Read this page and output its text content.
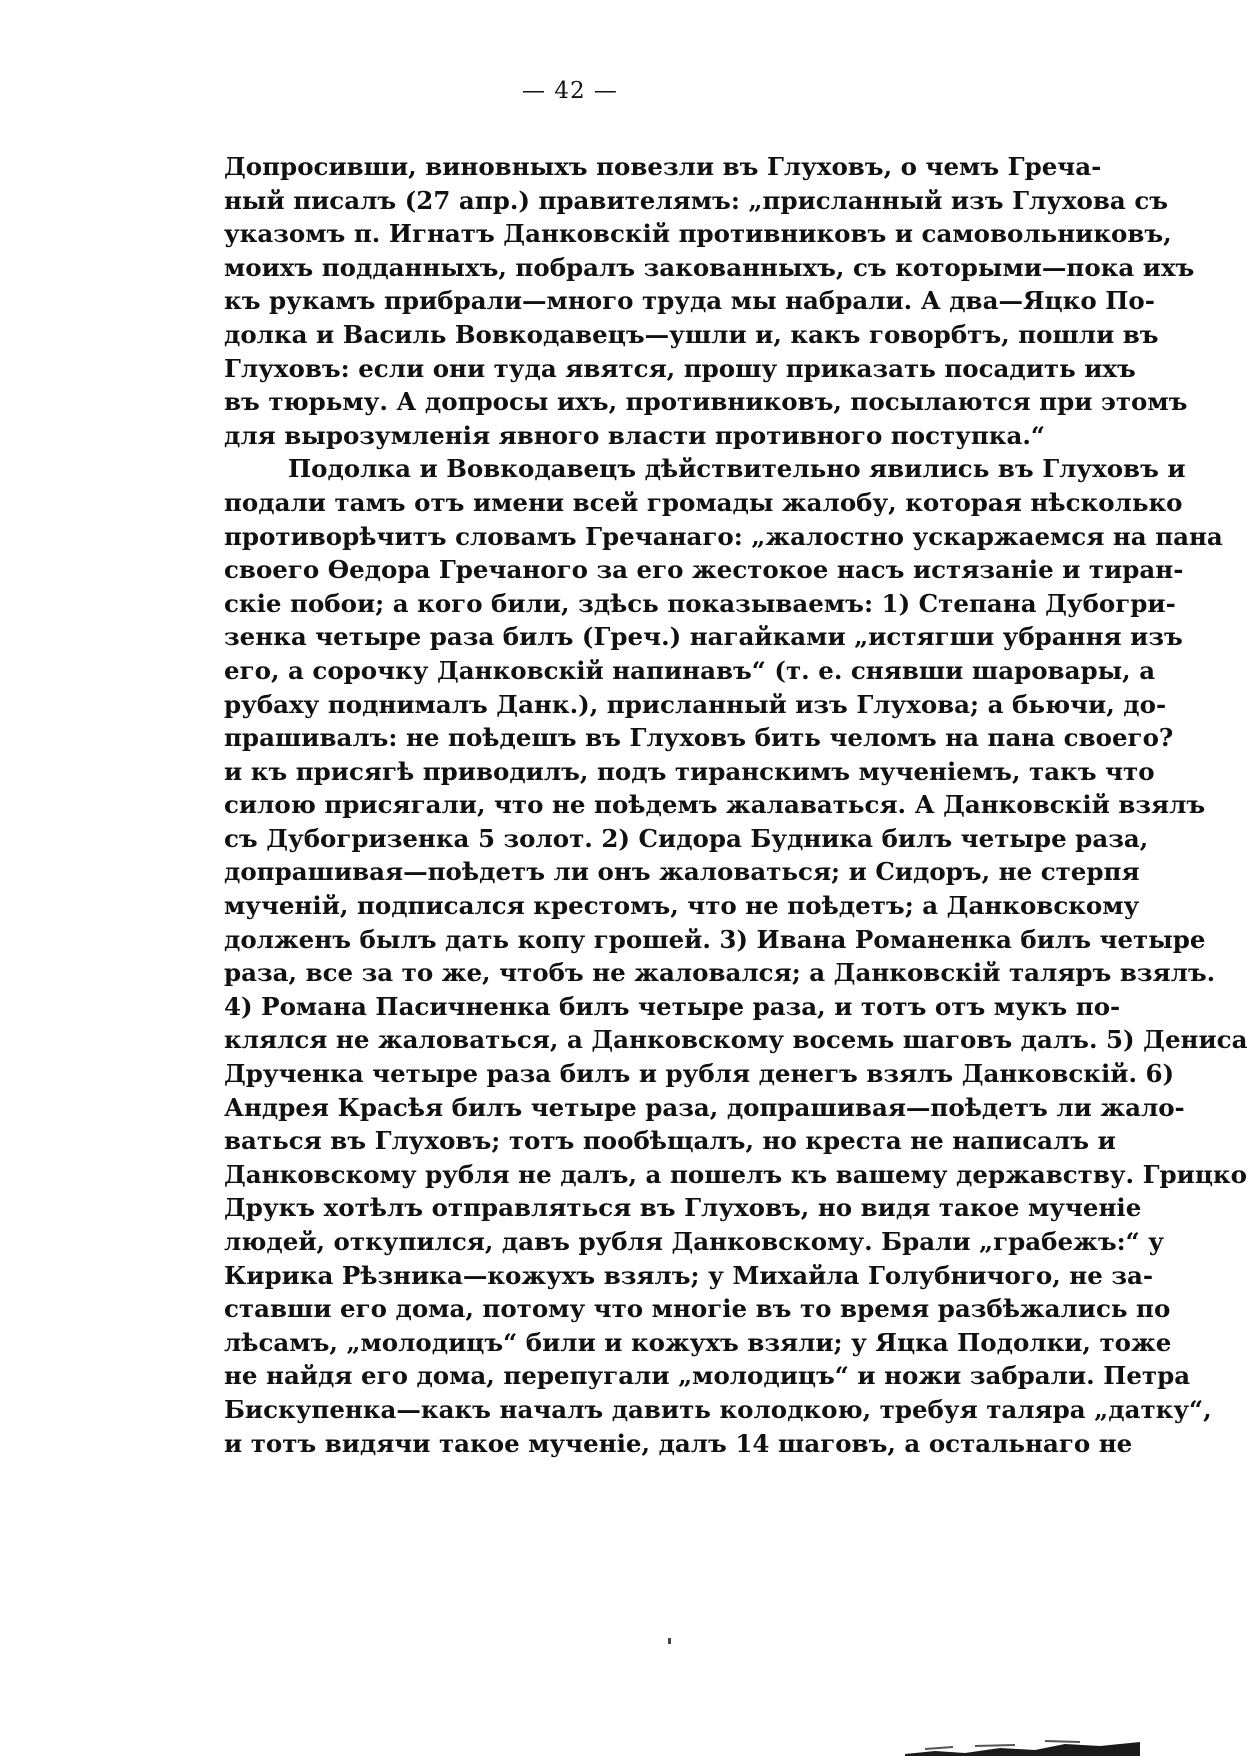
— 42 —
Допросивши, виновныхъ повезли въ Глуховъ, о чемъ Греча-
ный писалъ (27 апр.) правителямъ: „присланный изъ Глухова съ
указомъ п. Игнатъ Данковскій противниковъ и самовольниковъ,
моихъ подданныхъ, побралъ закованныхъ, съ которыми—пока ихъ
къ рукамъ прибрали—много труда мы набрали. А два—Яцко По-
долка и Василь Вовкодавецъ—ушли и, какъ говорбтъ, пошли въ
Глуховъ: если они туда явятся, прошу приказать посадить ихъ
въ тюрьму. А допросы ихъ, противниковъ, посылаются при этомъ
для вырозумленія явного власти противного поступка.“
Подолка и Вовкодавецъ дѣйствительно явились въ Глуховъ и
подали тамъ отъ имени всей громады жалобу, которая нѣсколько
противорѣчитъ словамъ Гречанаго: „жалостно ускаржаемся на пана
своего Өедора Гречаного за его жестокое насъ истязаніе и тиран-
скіе побои; а кого били, здѣсь показываемъ: 1) Степана Дубогри-
зенка четыре раза билъ (Греч.) нагайками „истягши убрання изъ
его, а сорочку Данковскій напинавъ“ (т. е. снявши шаровары, а
рубаху поднималъ Данк.), присланный изъ Глухова; а бьючи, до-
прашивалъ: не поѣдешъ въ Глуховъ бить челомъ на пана своего?
и къ присягѣ приводилъ, подъ тиранскимъ мученіемъ, такъ что
силою присягали, что не поѣдемъ жалаваться. А Данковскій взялъ
съ Дубогризенка 5 золот. 2) Сидора Будника билъ четыре раза,
допрашивая—поѣдетъ ли онъ жаловаться; и Сидоръ, не стерпя
мученій, подписался крестомъ, что не поѣдетъ; а Данковскому
долженъ былъ дать копу грошей. 3) Ивана Романенка билъ четыре
раза, все за то же, чтобъ не жаловался; а Данковскій таляръ взялъ.
4) Романа Пасичненка билъ четыре раза, и тотъ отъ мукъ по-
клялся не жаловаться, а Данковскому восемь шаговъ далъ. 5) Дениса
Друченка четыре раза билъ и рубля денегъ взялъ Данковскій. 6)
Андрея Красѣя билъ четыре раза, допрашивая—поѣдетъ ли жало-
ваться въ Глуховъ; тотъ пообѣщалъ, но креста не написалъ и
Данковскому рубля не далъ, а пошелъ къ вашему державству. Грицко
Друкъ хотѣлъ отправляться въ Глуховъ, но видя такое мученіе
людей, откупился, давъ рубля Данковскому. Брали „грабежъ:“ у
Кирика Рѣзника—кожухъ взялъ; у Михайла Голубничого, не за-
ставши его дома, потому что многіе въ то время разбѣжались по
лѣсамъ, „молодицъ“ били и кожухъ взяли; у Яцка Подолки, тоже
не найдя его дома, перепугали „молодицъ“ и ножи забрали. Петра
Бискупенка—какъ началъ давить колодкою, требуя таляра „датку“,
и тотъ видячи такое мученіе, далъ 14 шаговъ, а остальнаго не
